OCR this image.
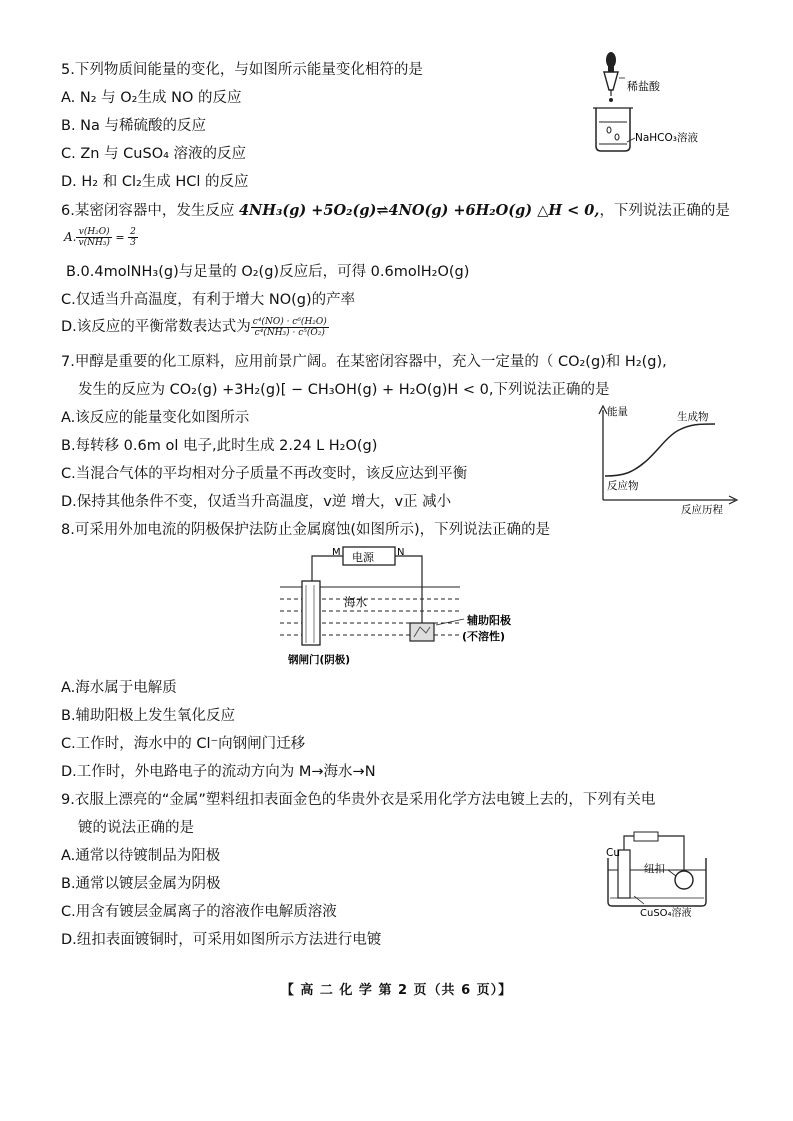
5.下列物质间能量的变化，与如图所示能量变化相符的是
A. N₂ 与 O₂生成 NO 的反应
B. Na 与稀硫酸的反应
C. Zn 与 CuSO₄ 溶液的反应
D. H₂ 和 Cl₂生成 HCl 的反应
稀盐酸
NaHCO₃溶液
6.某密闭容器中，发生反应 4NH₃(g) +5O₂(g)⇌4NO(g) +6H₂O(g) △H < 0,，下列说法正确的是
A. $\frac{\text{v(H₂O)}}{\text{v(NH₃)}} = \frac{2}{3}$
B.0.4molNH₃(g)与足量的 O₂(g)反应后，可得 0.6molH₂O(g)
C.仅适当升高温度，有利于增大 NO(g)的产率
D.该反应的平衡常数表达式为 $\frac{\text{c⁴(NO) · c⁶(H₂O)}}{\text{c⁴(NH₃) · c⁵(O₂)}}$
7.甲醇是重要的化工原料，应用前景广阔。在某密闭容器中，充入一定量的（ CO₂(g)和 H₂(g),
发生的反应为 CO₂(g) +3H₂(g)[ − CH₃OH(g) + H₂O(g)H < 0,下列说法正确的是
A.该反应的能量变化如图所示
B.每转移 0.6m ol 电子,此时生成 2.24 L H₂O(g)
C.当混合气体的平均相对分子质量不再改变时，该反应达到平衡
D.保持其他条件不变，仅适当升高温度，v逆 增大，v正 减小
能量	生成物
反应物
反应历程
8.可采用外加电流的阴极保护法防止金属腐蚀(如图所示)，下列说法正确的是
电源
M	N
海水
钢闸门(阴极)
辅助阳极
(不溶性)
A.海水属于电解质
B.辅助阳极上发生氧化反应
C.工作时，海水中的 Cl⁻向钢闸门迁移
D.工作时，外电路电子的流动方向为 M→海水→N
9.衣服上漂亮的“金属”塑料纽扣表面金色的华贵外衣是采用化学方法电镀上去的，下列有关电
镀的说法正确的是
A.通常以待镀制品为阳极
B.通常以镀层金属为阴极
C.用含有镀层金属离子的溶液作电解质溶液
D.纽扣表面镀铜时，可采用如图所示方法进行电镀
Cu
纽扣
CuSO₄溶液
【 高 二 化 学 第 2 页（共 6 页）】
